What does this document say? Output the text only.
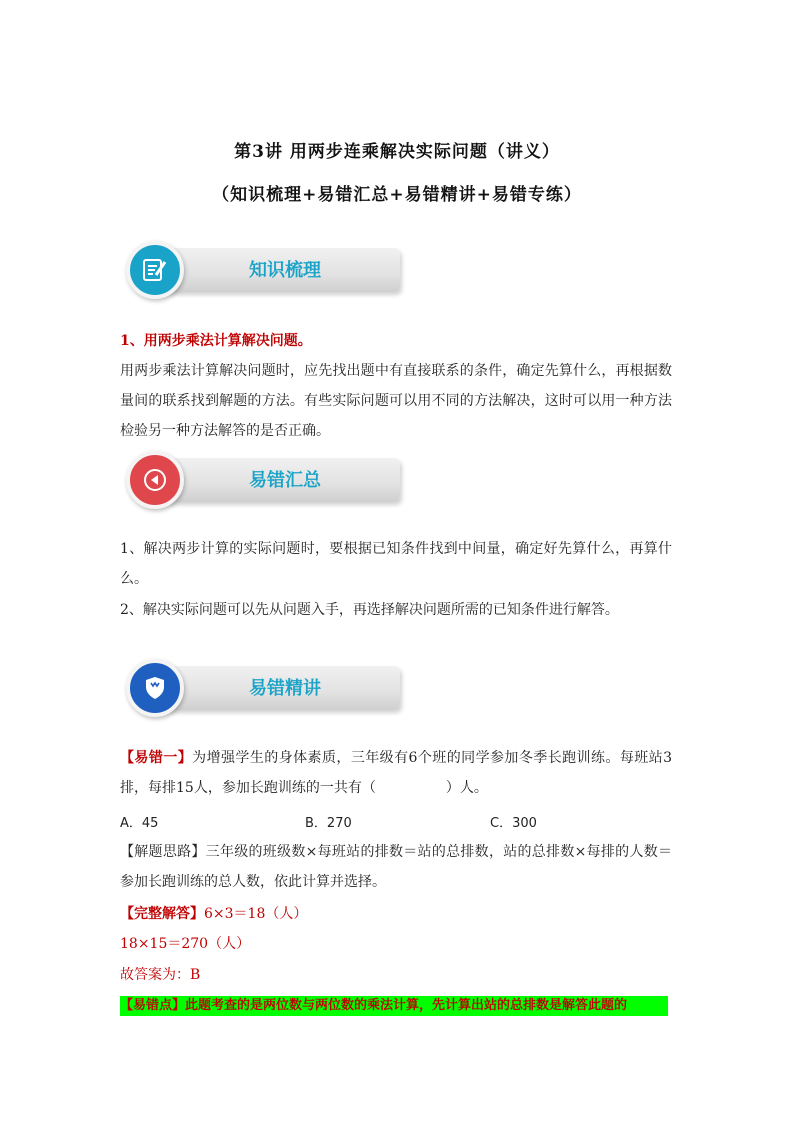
第3讲 用两步连乘解决实际问题（讲义）
（知识梳理+易错汇总+易错精讲+易错专练）
知识梳理
1、用两步乘法计算解决问题。
用两步乘法计算解决问题时，应先找出题中有直接联系的条件，确定先算什么，再根据数量间的联系找到解题的方法。有些实际问题可以用不同的方法解决，这时可以用一种方法检验另一种方法解答的是否正确。
易错汇总
1、解决两步计算的实际问题时，要根据已知条件找到中间量，确定好先算什么，再算什么。
2、解决实际问题可以先从问题入手，再选择解决问题所需的已知条件进行解答。
易错精讲
【易错一】为增强学生的身体素质，三年级有6个班的同学参加冬季长跑训练。每班站3排，每排15人，参加长跑训练的一共有（	）人。
A．45	B．270	C．300
【解题思路】三年级的班级数×每班站的排数＝站的总排数，站的总排数×每排的人数＝参加长跑训练的总人数，依此计算并选择。
【完整解答】6×3＝18（人）
18×15＝270（人）
故答案为：B
【易错点】此题考查的是两位数与两位数的乘法计算，先计算出站的总排数是解答此题的
